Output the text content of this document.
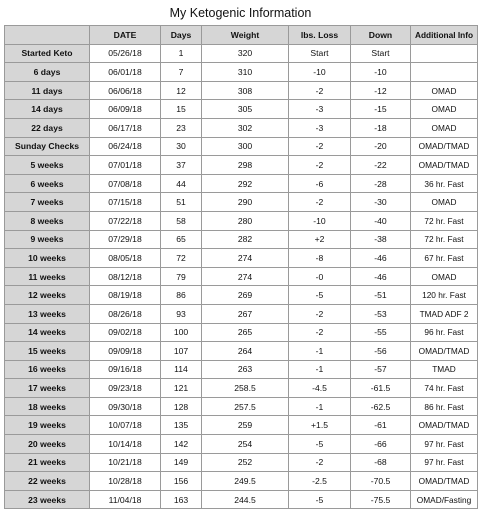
My Ketogenic Information
	DATE	Days	Weight	lbs. Loss	Down	Additional Info
Started Keto	05/26/18	1	320	Start	Start	
6 days	06/01/18	7	310	-10	-10	
11 days	06/06/18	12	308	-2	-12	OMAD
14 days	06/09/18	15	305	-3	-15	OMAD
22 days	06/17/18	23	302	-3	-18	OMAD
Sunday Checks	06/24/18	30	300	-2	-20	OMAD/TMAD
5 weeks	07/01/18	37	298	-2	-22	OMAD/TMAD
6 weeks	07/08/18	44	292	-6	-28	36 hr. Fast
7 weeks	07/15/18	51	290	-2	-30	OMAD
8 weeks	07/22/18	58	280	-10	-40	72 hr. Fast
9 weeks	07/29/18	65	282	+2	-38	72 hr. Fast
10 weeks	08/05/18	72	274	-8	-46	67 hr. Fast
11 weeks	08/12/18	79	274	-0	-46	OMAD
12 weeks	08/19/18	86	269	-5	-51	120 hr. Fast
13 weeks	08/26/18	93	267	-2	-53	TMAD ADF 2
14 weeks	09/02/18	100	265	-2	-55	96 hr. Fast
15 weeks	09/09/18	107	264	-1	-56	OMAD/TMAD
16 weeks	09/16/18	114	263	-1	-57	TMAD
17 weeks	09/23/18	121	258.5	-4.5	-61.5	74 hr. Fast
18 weeks	09/30/18	128	257.5	-1	-62.5	86 hr. Fast
19 weeks	10/07/18	135	259	+1.5	-61	OMAD/TMAD
20 weeks	10/14/18	142	254	-5	-66	97 hr. Fast
21 weeks	10/21/18	149	252	-2	-68	97 hr. Fast
22 weeks	10/28/18	156	249.5	-2.5	-70.5	OMAD/TMAD
23 weeks	11/04/18	163	244.5	-5	-75.5	OMAD/Fasting
